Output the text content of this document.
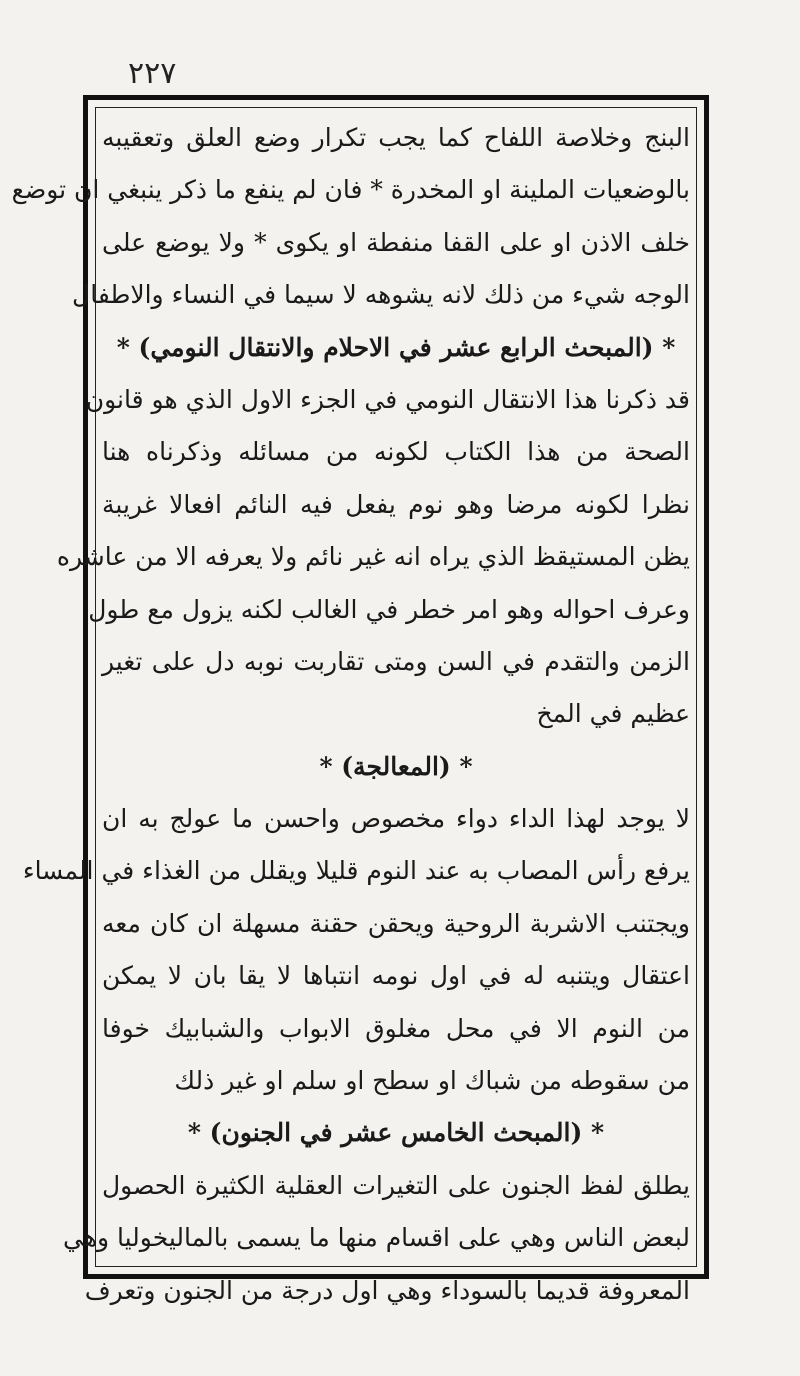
٢٢٧
البنج وخلاصة اللفاح كما يجب تكرار وضع العلق وتعقيبه
بالوضعيات الملينة او المخدرة * فان لم ينفع ما ذكر ينبغي ان توضع
خلف الاذن او على القفا منفطة او يكوى * ولا يوضع على
الوجه شيء من ذلك لانه يشوهه لا سيما في النساء والاطفال
* (المبحث الرابع عشر في الاحلام والانتقال النومي) *
قد ذكرنا هذا الانتقال النومي في الجزء الاول الذي هو قانون
الصحة من هذا الكتاب لكونه من مسائله وذكرناه هنا
نظرا لكونه مرضا وهو نوم يفعل فيه النائم افعالا غريبة
يظن المستيقظ الذي يراه انه غير نائم ولا يعرفه الا من عاشره
وعرف احواله وهو امر خطر في الغالب لكنه يزول مع طول
الزمن والتقدم في السن ومتى تقاربت نوبه دل على تغير
عظيم في المخ
* (المعالجة) *
لا يوجد لهذا الداء دواء مخصوص واحسن ما عولج به ان
يرفع رأس المصاب به عند النوم قليلا ويقلل من الغذاء في المساء
ويجتنب الاشربة الروحية ويحقن حقنة مسهلة ان كان معه
اعتقال ويتنبه له في اول نومه انتباها لا يقا بان لا يمكن
من النوم الا في محل مغلوق الابواب والشبابيك خوفا
من سقوطه من شباك او سطح او سلم او غير ذلك
* (المبحث الخامس عشر في الجنون) *
يطلق لفظ الجنون على التغيرات العقلية الكثيرة الحصول
لبعض الناس وهي على اقسام منها ما يسمى بالماليخوليا وهي
المعروفة قديما بالسوداء وهي اول درجة من الجنون وتعرف
